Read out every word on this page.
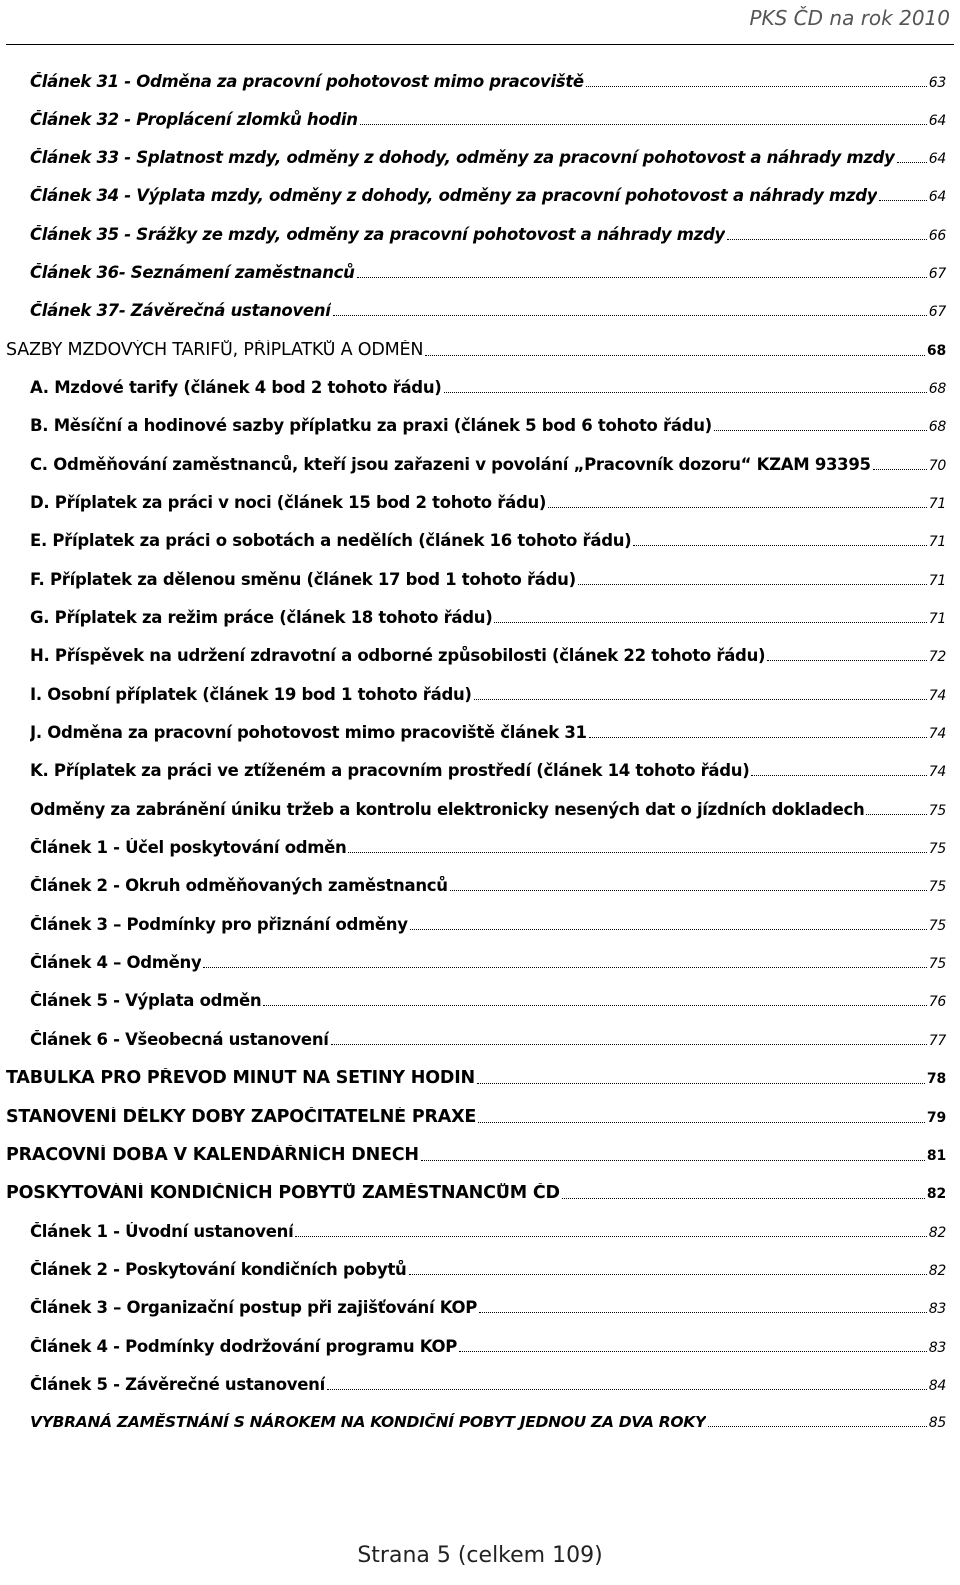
PKS ČD na rok 2010
Článek 31 - Odměna za pracovní pohotovost mimo pracoviště	63
Článek 32 - Proplácení zlomků hodin	64
Článek 33 - Splatnost mzdy, odměny z dohody, odměny za pracovní pohotovost a náhrady mzdy 64
Článek 34 - Výplata mzdy, odměny z dohody, odměny za pracovní pohotovost a náhrady mzdy	64
Článek 35 - Srážky ze mzdy, odměny za pracovní pohotovost a náhrady mzdy	66
Článek 36- Seznámení zaměstnanců	67
Článek 37- Závěrečná ustanovení	67
SAZBY MZDOVÝCH TARIFŮ, PŘÍPLATKŮ A ODMĚN	68
A. Mzdové tarify (článek 4 bod 2 tohoto řádu)	68
B. Měsíční a hodinové sazby příplatku za praxi (článek 5 bod 6 tohoto řádu)	68
C. Odměňování zaměstnanců, kteří jsou zařazeni v povolání „Pracovník dozoru“ KZAM 93395	70
D. Příplatek za práci v noci (článek 15 bod 2 tohoto řádu)	71
E. Příplatek za práci o sobotách a nedělích (článek 16 tohoto řádu)	71
F. Příplatek za dělenou směnu (článek 17 bod 1 tohoto řádu)	71
G. Příplatek za režim práce (článek 18 tohoto řádu)	71
H. Příspěvek na udržení zdravotní a odborné způsobilosti (článek 22 tohoto řádu)	72
I. Osobní příplatek (článek 19 bod 1 tohoto řádu)	74
J. Odměna za pracovní pohotovost mimo pracoviště článek 31	74
K. Příplatek za práci ve ztíženém a pracovním prostředí (článek 14 tohoto řádu)	74
Odměny za zabránění úniku tržeb a kontrolu elektronicky nesených dat o jízdních dokladech	75
Článek 1 - Účel poskytování odměn	75
Článek 2 - Okruh odměňovaných zaměstnanců	75
Článek 3 – Podmínky pro přiznání odměny	75
Článek 4 – Odměny	75
Článek 5 - Výplata odměn	76
Článek 6 - Všeobecná ustanovení	77
TABULKA PRO PŘEVOD MINUT NA SETINY HODIN	78
STANOVENÍ DÉLKY DOBY ZAPOČITATELNÉ PRAXE	79
PRACOVNÍ DOBA V KALENDÁŘNÍCH DNECH	81
POSKYTOVÁNÍ KONDIČNÍCH POBYTŮ ZAMĚSTNANCŮM ČD	82
Článek 1 - Úvodní ustanovení	82
Článek 2 - Poskytování kondičních pobytů	82
Článek 3 – Organizační postup při zajišťování KOP	83
Článek 4 - Podmínky dodržování programu KOP	83
Článek 5 - Závěrečné ustanovení	84
VYBRANÁ ZAMĚSTNÁNÍ S NÁROKEM NA KONDIČNÍ POBYT JEDNOU ZA DVA ROKY	85
Strana 5 (celkem 109)
